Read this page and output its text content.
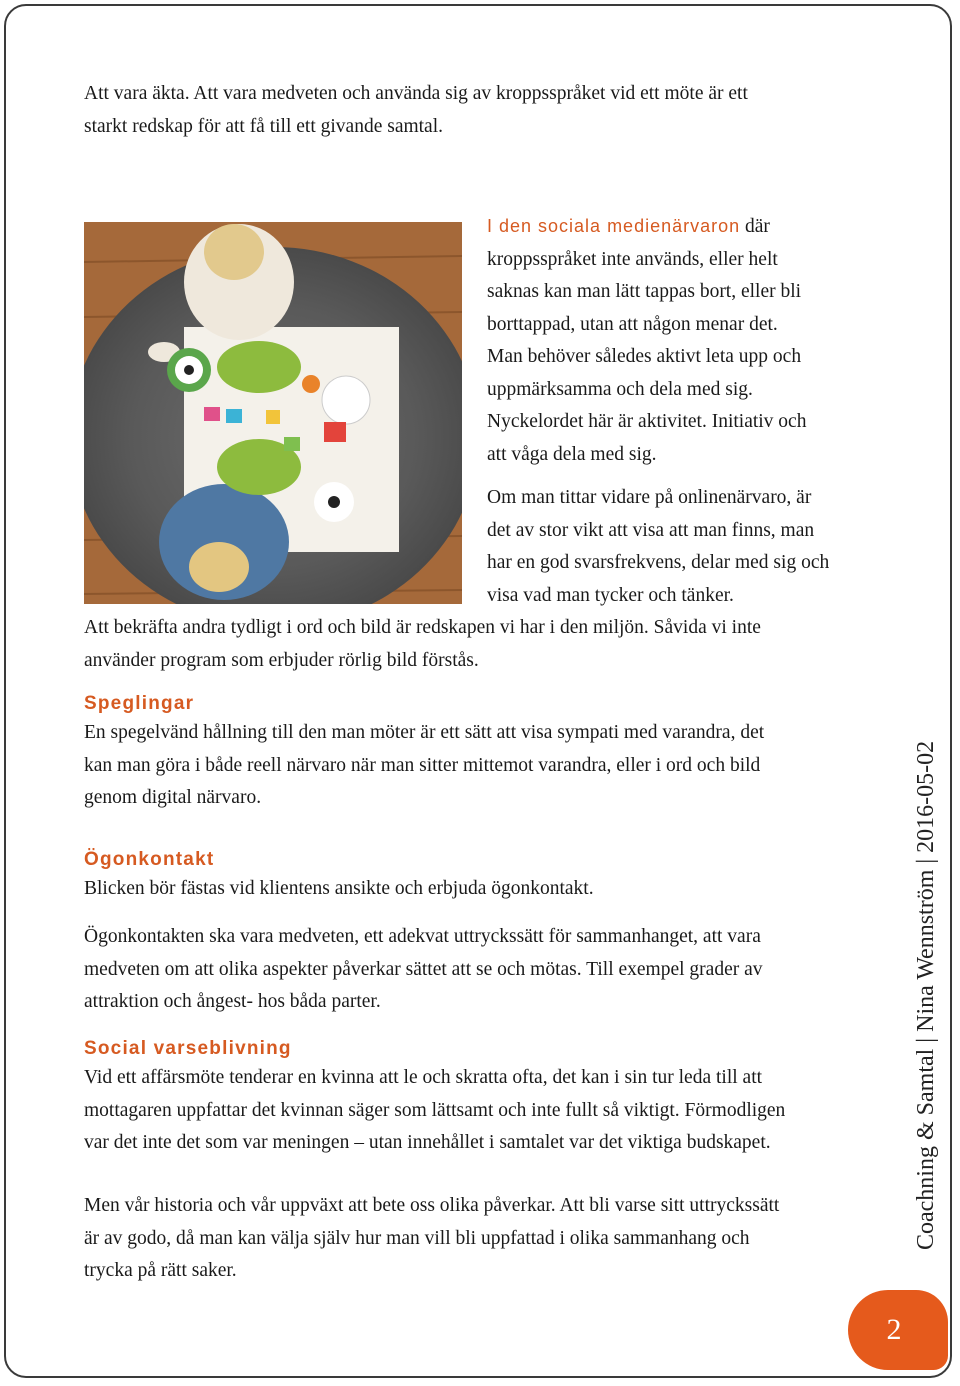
Att vara äkta. Att vara medveten och använda sig av kroppsspråket vid ett möte är ett
starkt redskap för att få till ett givande samtal.

I den sociala medienärvaron där
kroppsspråket inte används, eller helt
saknas kan man lätt tappas bort, eller bli
borttappad, utan att någon menar det.
Man behöver således aktivt leta upp och
uppmärksamma och dela med sig.
Nyckelordet här är aktivitet. Initiativ och
att våga dela med sig.

Om man tittar vidare på onlinenärvaro, är
det av stor vikt att visa att man finns, man
har en god svarsfrekvens, delar med sig och
visa vad man tycker och tänker.

Att bekräfta andra tydligt i ord och bild är redskapen vi har i den miljön. Såvida vi inte
använder program som erbjuder rörlig bild förstås.

Speglingar

En spegelvänd hållning till den man möter är ett sätt att visa sympati med varandra, det
kan man göra i både reell närvaro när man sitter mittemot varandra, eller i ord och bild
genom digital närvaro.

Ögonkontakt

Blicken bör fästas vid klientens ansikte och erbjuda ögonkontakt.

Ögonkontakten ska vara medveten, ett adekvat uttryckssätt för sammanhanget, att vara
medveten om att olika aspekter påverkar sättet att se och mötas. Till exempel grader av
attraktion och ångest- hos båda parter.

Social varseblivning

Vid ett affärsmöte tenderar en kvinna att le och skratta ofta, det kan i sin tur leda till att
mottagaren uppfattar det kvinnan säger som lättsamt och inte fullt så viktigt. Förmodligen
var det inte det som var meningen – utan innehållet i samtalet var det viktiga budskapet.

Men vår historia och vår uppväxt att bete oss olika påverkar. Att bli varse sitt uttryckssätt
är av godo, då man kan välja själv hur man vill bli uppfattad i olika sammanhang och
trycka på rätt saker.

Coachning & Samtal | Nina Wennström | 2016-05-02
2
